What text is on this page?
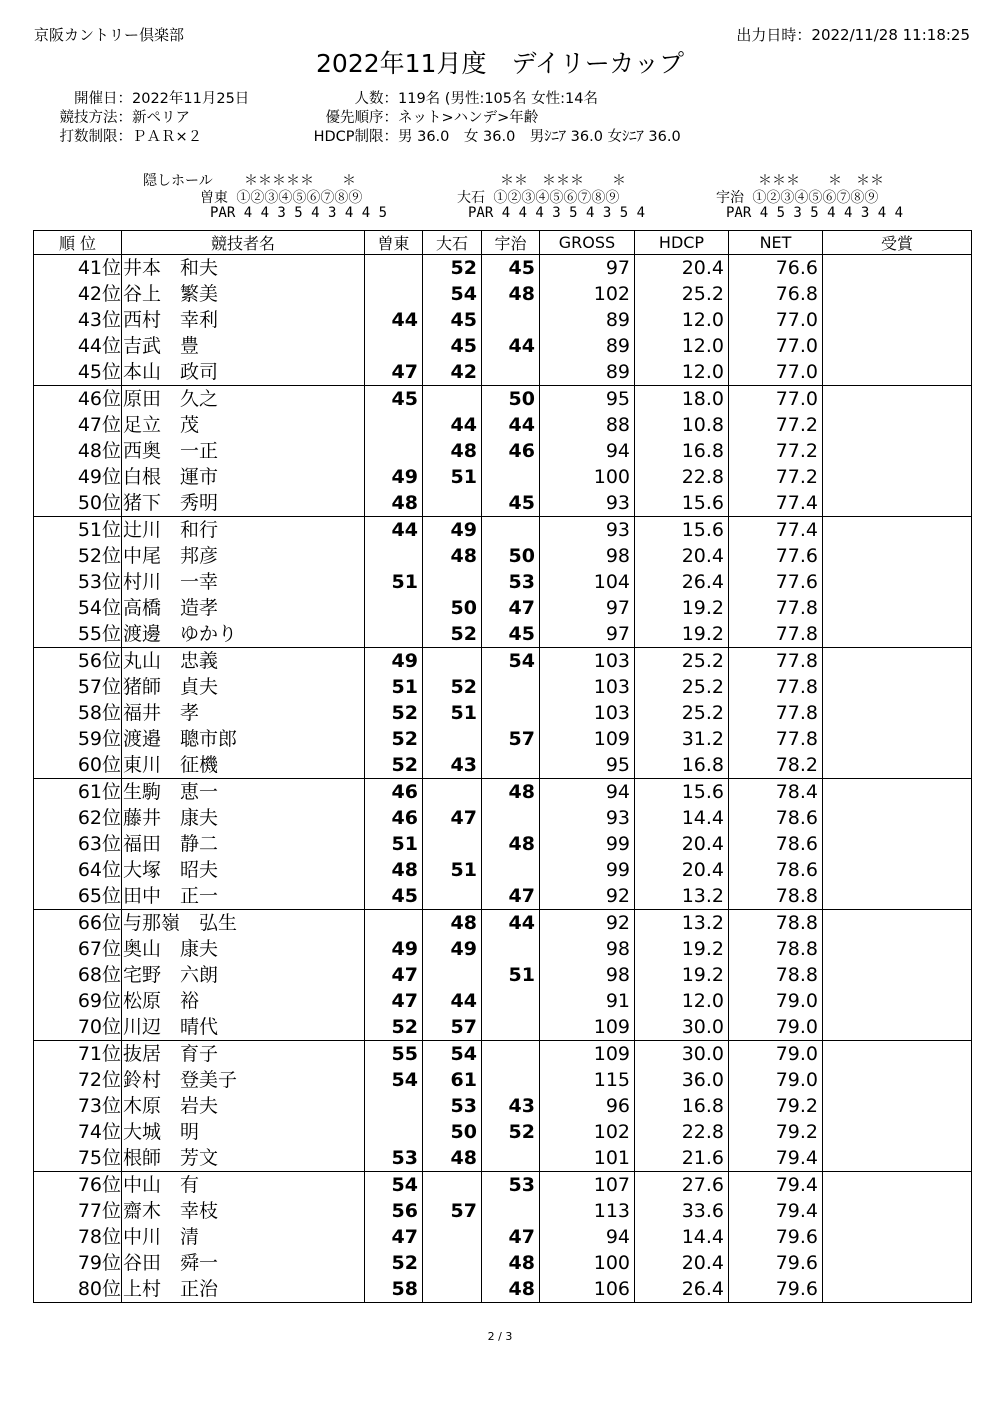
京阪カントリー倶楽部	出力日時：2022/11/28 11:18:25
2022年11月度　デイリーカップ
開催日：2022年11月25日
競技方法：新ペリア
打数制限：ＰＡＲ×２
人数：119名 (男性:105名 女性:14名
優先順序：ネット>ハンデ>年齢
HDCP制限：男 36.0　女 36.0　男ｼﾆｱ 36.0 女ｼﾆｱ 36.0
隠しホール ＊＊＊＊＊　　＊
曽東 ①②③④⑤⑥⑦⑧⑨
PAR 4 4 3 5 4 3 4 4 5
＊＊　＊＊＊　　＊
大石 ①②③④⑤⑥⑦⑧⑨
PAR 4 4 4 3 5 4 3 5 4
＊＊＊　　＊　＊＊
宇治 ①②③④⑤⑥⑦⑧⑨
PAR 4 5 3 5 4 4 3 4 4
順 位	競技者名	曽東	大石	宇治	GROSS	HDCP	NET	受賞
41位	井本　和夫		52	45	97	20.4	76.6	
42位	谷上　繁美		54	48	102	25.2	76.8	
43位	西村　幸利	44	45		89	12.0	77.0	
44位	吉武　豊		45	44	89	12.0	77.0	
45位	本山　政司	47	42		89	12.0	77.0	
46位	原田　久之	45		50	95	18.0	77.0	
47位	足立　茂		44	44	88	10.8	77.2	
48位	西奥　一正		48	46	94	16.8	77.2	
49位	白根　運市	49	51		100	22.8	77.2	
50位	猪下　秀明	48		45	93	15.6	77.4	
51位	辻川　和行	44	49		93	15.6	77.4	
52位	中尾　邦彦		48	50	98	20.4	77.6	
53位	村川　一幸	51		53	104	26.4	77.6	
54位	高橋　造孝		50	47	97	19.2	77.8	
55位	渡邊　ゆかり		52	45	97	19.2	77.8	
56位	丸山　忠義	49		54	103	25.2	77.8	
57位	猪師　貞夫	51	52		103	25.2	77.8	
58位	福井　孝	52	51		103	25.2	77.8	
59位	渡邉　聰市郎	52		57	109	31.2	77.8	
60位	東川　征機	52	43		95	16.8	78.2	
61位	生駒　恵一	46		48	94	15.6	78.4	
62位	藤井　康夫	46	47		93	14.4	78.6	
63位	福田　静二	51		48	99	20.4	78.6	
64位	大塚　昭夫	48	51		99	20.4	78.6	
65位	田中　正一	45		47	92	13.2	78.8	
66位	与那嶺　弘生		48	44	92	13.2	78.8	
67位	奥山　康夫	49	49		98	19.2	78.8	
68位	宅野　六朗	47		51	98	19.2	78.8	
69位	松原　裕	47	44		91	12.0	79.0	
70位	川辺　晴代	52	57		109	30.0	79.0	
71位	抜居　育子	55	54		109	30.0	79.0	
72位	鈴村　登美子	54	61		115	36.0	79.0	
73位	木原　岩夫		53	43	96	16.8	79.2	
74位	大城　明		50	52	102	22.8	79.2	
75位	根師　芳文	53	48		101	21.6	79.4	
76位	中山　有	54		53	107	27.6	79.4	
77位	齋木　幸枝	56	57		113	33.6	79.4	
78位	中川　清	47		47	94	14.4	79.6	
79位	谷田　舜一	52		48	100	20.4	79.6	
80位	上村　正治	58		48	106	26.4	79.6	
2 / 3
